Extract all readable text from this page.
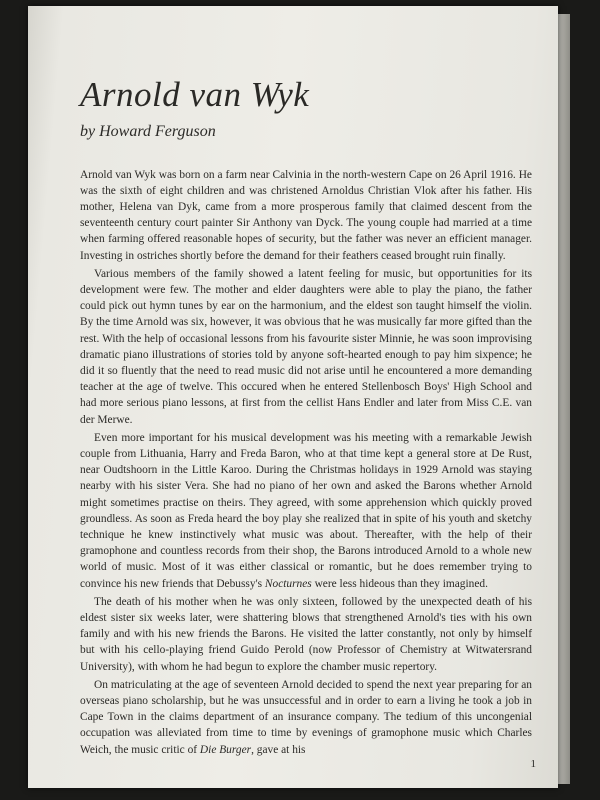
Arnold van Wyk
by Howard Ferguson

Arnold van Wyk was born on a farm near Calvinia in the north-western Cape on 26 April 1916. He was the sixth of eight children and was christened Arnoldus Christian Vlok after his father. His mother, Helena van Dyk, came from a more prosperous family that claimed descent from the seventeenth century court painter Sir Anthony van Dyck. The young couple had married at a time when farming offered reasonable hopes of security, but the father was never an efficient manager. Investing in ostriches shortly before the demand for their feathers ceased brought ruin finally.

Various members of the family showed a latent feeling for music, but opportunities for its development were few. The mother and elder daughters were able to play the piano, the father could pick out hymn tunes by ear on the harmonium, and the eldest son taught himself the violin. By the time Arnold was six, however, it was obvious that he was musically far more gifted than the rest. With the help of occasional lessons from his favourite sister Minnie, he was soon improvising dramatic piano illustrations of stories told by anyone soft-hearted enough to pay him sixpence; he did it so fluently that the need to read music did not arise until he encountered a more demanding teacher at the age of twelve. This occured when he entered Stellenbosch Boys' High School and had more serious piano lessons, at first from the cellist Hans Endler and later from Miss C.E. van der Merwe.

Even more important for his musical development was his meeting with a remarkable Jewish couple from Lithuania, Harry and Freda Baron, who at that time kept a general store at De Rust, near Oudtshoorn in the Little Karoo. During the Christmas holidays in 1929 Arnold was staying nearby with his sister Vera. She had no piano of her own and asked the Barons whether Arnold might sometimes practise on theirs. They agreed, with some apprehension which quickly proved groundless. As soon as Freda heard the boy play she realized that in spite of his youth and sketchy technique he knew instinctively what music was about. Thereafter, with the help of their gramophone and countless records from their shop, the Barons introduced Arnold to a whole new world of music. Most of it was either classical or romantic, but he does remember trying to convince his new friends that Debussy's Nocturnes were less hideous than they imagined.

The death of his mother when he was only sixteen, followed by the unexpected death of his eldest sister six weeks later, were shattering blows that strengthened Arnold's ties with his own family and with his new friends the Barons. He visited the latter constantly, not only by himself but with his cello-playing friend Guido Perold (now Professor of Chemistry at Witwatersrand University), with whom he had begun to explore the chamber music repertory.

On matriculating at the age of seventeen Arnold decided to spend the next year preparing for an overseas piano scholarship, but he was unsuccessful and in order to earn a living he took a job in Cape Town in the claims department of an insurance company. The tedium of this uncongenial occupation was alleviated from time to time by evenings of gramophone music which Charles Weich, the music critic of Die Burger, gave at his

1
